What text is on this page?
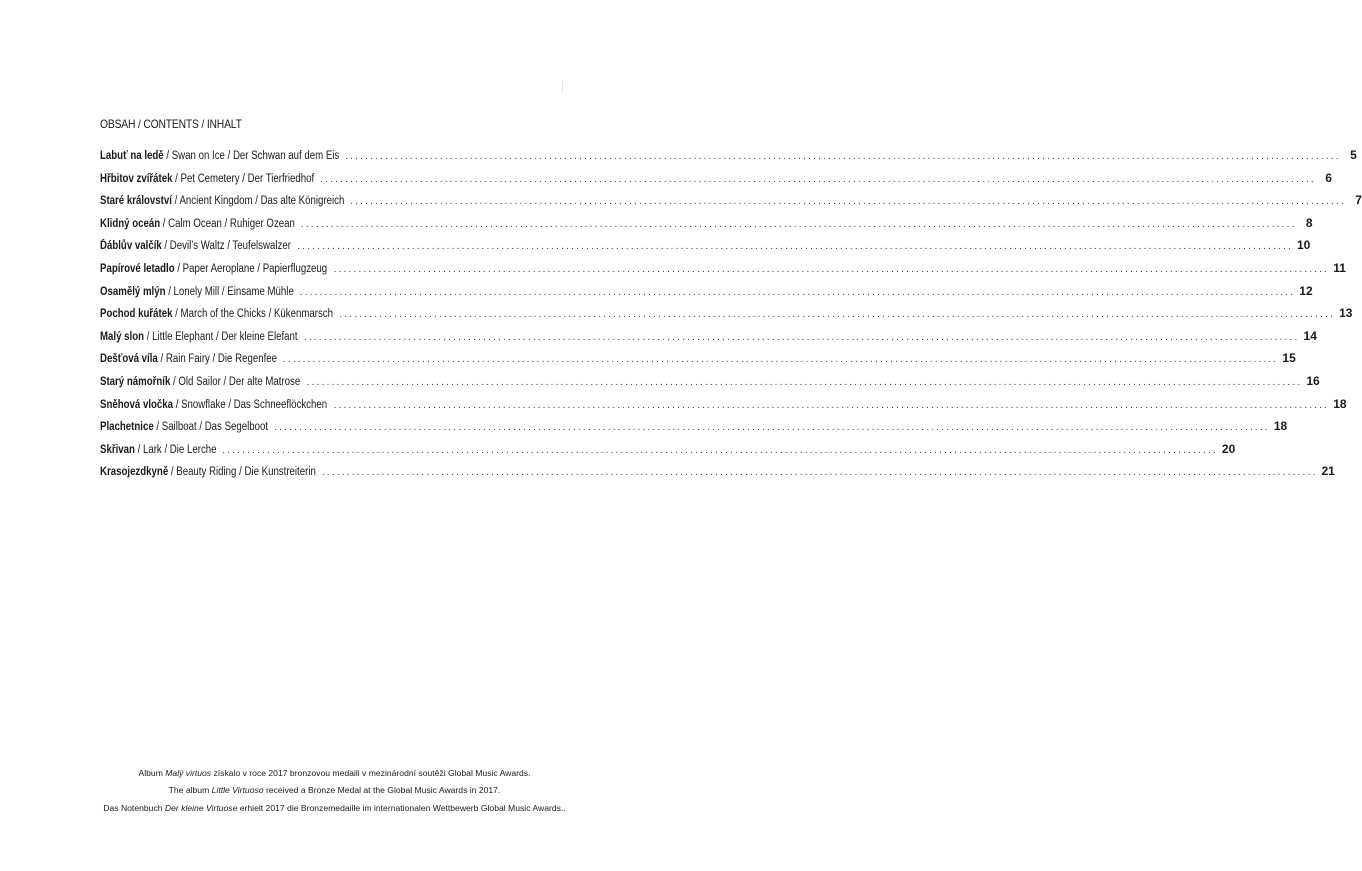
OBSAH / CONTENTS / INHALT
Labuť na ledě / Swan on Ice / Der Schwan auf dem Eis ........................................................................................................................................................................................................ 5
Hřbitov zvířátek / Pet Cemetery / Der Tierfriedhof ........................................................................................................................................................................................................ 6
Staré království / Ancient Kingdom / Das alte Königreich ........................................................................................................................................................................................................ 7
Klidný oceán / Calm Ocean / Ruhiger Ozean ........................................................................................................................................................................................................ 8
Ďáblův valčík / Devil’s Waltz / Teufelswalzer ........................................................................................................................................................................................................ 10
Papírové letadlo / Paper Aeroplane / Papierflugzeug ........................................................................................................................................................................................................ 11
Osamělý mlýn / Lonely Mill / Einsame Mühle ........................................................................................................................................................................................................ 12
Pochod kuřátek / March of the Chicks / Kükenmarsch ........................................................................................................................................................................................................ 13
Malý slon / Little Elephant / Der kleine Elefant ........................................................................................................................................................................................................ 14
Dešťová víla / Rain Fairy / Die Regenfee ........................................................................................................................................................................................................ 15
Starý námořník / Old Sailor / Der alte Matrose ........................................................................................................................................................................................................ 16
Sněhová vločka / Snowflake / Das Schneeflöckchen ........................................................................................................................................................................................................ 18
Plachetnice / Sailboat / Das Segelboot ........................................................................................................................................................................................................ 18
Skřivan / Lark / Die Lerche ........................................................................................................................................................................................................ 20
Krasojezdkyně / Beauty Riding / Die Kunstreiterin ........................................................................................................................................................................................................ 21
Album Malý virtuos získalo v roce 2017 bronzovou medaili v mezinárodní soutěži Global Music Awards.
The album Little Virtuoso received a Bronze Medal at the Global Music Awards in 2017.
Das Notenbuch Der kleine Virtuose erhielt 2017 die Bronzemedaille im internationalen Wettbewerb Global Music Awards..
